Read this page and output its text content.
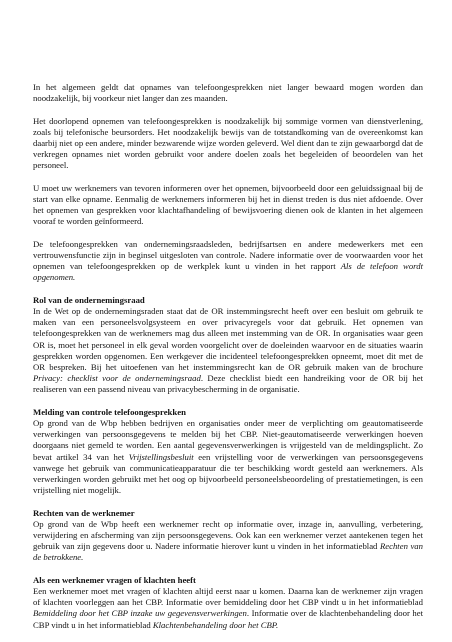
In het algemeen geldt dat opnames van telefoongesprekken niet langer bewaard mogen worden dan noodzakelijk, bij voorkeur niet langer dan zes maanden.

Het doorlopend opnemen van telefoongesprekken is noodzakelijk bij sommige vormen van dienstverlening, zoals bij telefonische beursorders. Het noodzakelijk bewijs van de totstandkoming van de overeenkomst kan daarbij niet op een andere, minder bezwarende wijze worden geleverd. Wel dient dan te zijn gewaarborgd dat de verkregen opnames niet worden gebruikt voor andere doelen zoals het begeleiden of beoordelen van het personeel.

U moet uw werknemers van tevoren informeren over het opnemen, bijvoorbeeld door een geluidssignaal bij de start van elke opname. Eenmalig de werknemers informeren bij het in dienst treden is dus niet afdoende. Over het opnemen van gesprekken voor klachtafhandeling of bewijsvoering dienen ook de klanten in het algemeen vooraf te worden geïnformeerd.

De telefoongesprekken van ondernemingsraadsleden, bedrijfsartsen en andere medewerkers met een vertrouwensfunctie zijn in beginsel uitgesloten van controle. Nadere informatie over de voorwaarden voor het opnemen van telefoongesprekken op de werkplek kunt u vinden in het rapport Als de telefoon wordt opgenomen.

Rol van de ondernemingsraad

In de Wet op de ondernemingsraden staat dat de OR instemmingsrecht heeft over een besluit om gebruik te maken van een personeelsvolgsysteem en over privacyregels voor dat gebruik. Het opnemen van telefoongesprekken van de werknemers mag dus alleen met instemming van de OR. In organisaties waar geen OR is, moet het personeel in elk geval worden voorgelicht over de doeleinden waarvoor en de situaties waarin gesprekken worden opgenomen. Een werkgever die incidenteel telefoongesprekken opneemt, moet dit met de OR bespreken. Bij het uitoefenen van het instemmingsrecht kan de OR gebruik maken van de brochure Privacy: checklist voor de ondernemingsraad. Deze checklist biedt een handreiking voor de OR bij het realiseren van een passend niveau van privacybescherming in de organisatie.

Melding van controle telefoongesprekken

Op grond van de Wbp hebben bedrijven en organisaties onder meer de verplichting om geautomatiseerde verwerkingen van persoonsgegevens te melden bij het CBP. Niet-geautomatiseerde verwerkingen hoeven doorgaans niet gemeld te worden. Een aantal gegevensverwerkingen is vrijgesteld van de meldingsplicht. Zo bevat artikel 34 van het Vrijstellingsbesluit een vrijstelling voor de verwerkingen van persoonsgegevens vanwege het gebruik van communicatieapparatuur die ter beschikking wordt gesteld aan werknemers. Als verwerkingen worden gebruikt met het oog op bijvoorbeeld personeelsbeoordeling of prestatiemetingen, is een vrijstelling niet mogelijk.

Rechten van de werknemer

Op grond van de Wbp heeft een werknemer recht op informatie over, inzage in, aanvulling, verbetering, verwijdering en afscherming van zijn persoonsgegevens. Ook kan een werknemer verzet aantekenen tegen het gebruik van zijn gegevens door u. Nadere informatie hierover kunt u vinden in het informatieblad Rechten van de betrokkene.

Als een werknemer vragen of klachten heeft

Een werknemer moet met vragen of klachten altijd eerst naar u komen. Daarna kan de werknemer zijn vragen of klachten voorleggen aan het CBP. Informatie over bemiddeling door het CBP vindt u in het informatieblad Bemiddeling door het CBP inzake uw gegevensverwerkingen. Informatie over de klachtenbehandeling door het CBP vindt u in het informatieblad Klachtenbehandeling door het CBP.
